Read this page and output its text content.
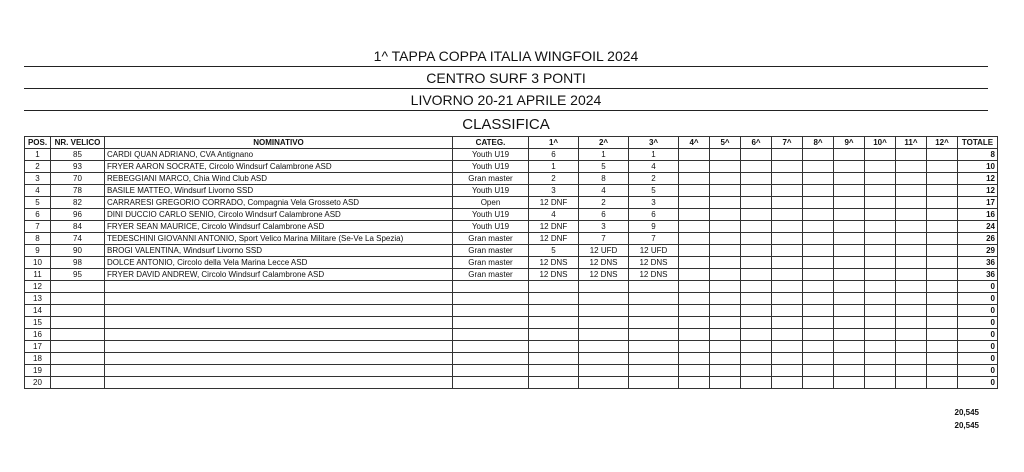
1^ TAPPA COPPA ITALIA WINGFOIL 2024
CENTRO SURF 3 PONTI
LIVORNO 20-21 APRILE 2024
CLASSIFICA
POS.	NR. VELICO	NOMINATIVO	CATEG.	1^	2^	3^	4^	5^	6^	7^	8^	9^	10^	11^	12^	TOTALE
1	85	CARDI QUAN ADRIANO, CVA Antignano	Youth U19	6	1	1										8
2	93	FRYER AARON SOCRATE, Circolo Windsurf Calambrone ASD	Youth U19	1	5	4										10
3	70	REBEGGIANI MARCO, Chia Wind Club ASD	Gran master	2	8	2										12
4	78	BASILE MATTEO, Windsurf Livorno SSD	Youth U19	3	4	5										12
5	82	CARRARESI GREGORIO CORRADO, Compagnia Vela Grosseto ASD	Open	12 DNF	2	3										17
6	96	DINI DUCCIO CARLO SENIO, Circolo Windsurf Calambrone ASD	Youth U19	4	6	6										16
7	84	FRYER SEAN MAURICE, Circolo Windsurf Calambrone ASD	Youth U19	12 DNF	3	9										24
8	74	TEDESCHINI GIOVANNI ANTONIO, Sport Velico Marina Militare (Se-Ve La Spezia)	Gran master	12 DNF	7	7										26
9	90	BROGI VALENTINA, Windsurf Livorno SSD	Gran master	5	12 UFD	12 UFD										29
10	98	DOLCE ANTONIO, Circolo della Vela Marina Lecce ASD	Gran master	12 DNS	12 DNS	12 DNS										36
11	95	FRYER DAVID ANDREW, Circolo Windsurf Calambrone ASD	Gran master	12 DNS	12 DNS	12 DNS										36
12																0
13																0
14																0
15																0
16																0
17																0
18																0
19																0
20																0
20,545
20,545
